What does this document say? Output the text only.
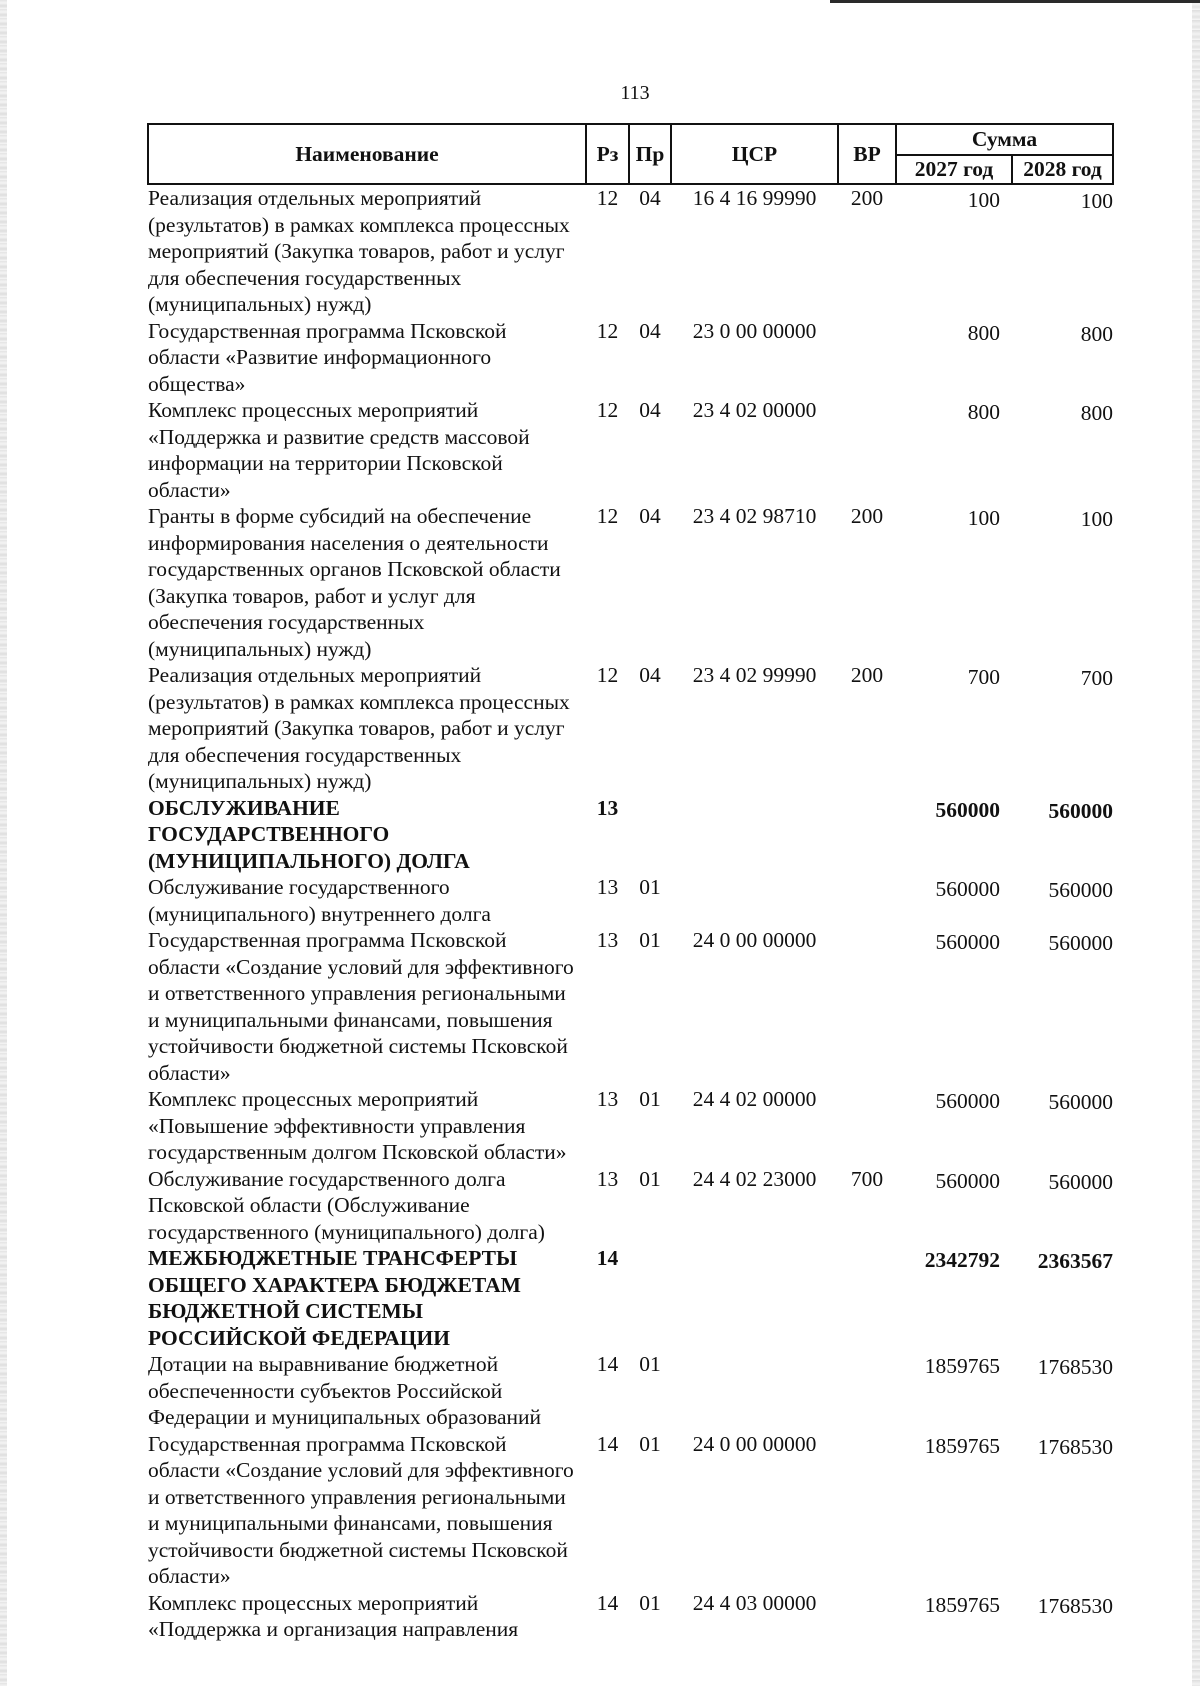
113
Наименование	Рз	Пр	ЦСР	ВР	Сумма	
					2027 год	2028 год
Реализация отдельных мероприятий (результатов) в рамках комплекса процессных мероприятий (Закупка товаров, работ и услуг для обеспечения государственных (муниципальных) нужд)	12	04	16 4 16 99990	200	100	100
Государственная программа Псковской области «Развитие информационного общества»	12	04	23 0 00 00000		800	800
Комплекс процессных мероприятий «Поддержка и развитие средств массовой информации на территории Псковской области»	12	04	23 4 02 00000		800	800
Гранты в форме субсидий на обеспечение информирования населения о деятельности государственных органов Псковской области (Закупка товаров, работ и услуг для обеспечения государственных (муниципальных) нужд)	12	04	23 4 02 98710	200	100	100
Реализация отдельных мероприятий (результатов) в рамках комплекса процессных мероприятий (Закупка товаров, работ и услуг для обеспечения государственных (муниципальных) нужд)	12	04	23 4 02 99990	200	700	700
ОБСЛУЖИВАНИЕ ГОСУДАРСТВЕННОГО (МУНИЦИПАЛЬНОГО) ДОЛГА	13				560000	560000
Обслуживание государственного (муниципального) внутреннего долга	13	01			560000	560000
Государственная программа Псковской области «Создание условий для эффективного и ответственного управления региональными и муниципальными финансами, повышения устойчивости бюджетной системы Псковской области»	13	01	24 0 00 00000		560000	560000
Комплекс процессных мероприятий «Повышение эффективности управления государственным долгом Псковской области»	13	01	24 4 02 00000		560000	560000
Обслуживание государственного долга Псковской области (Обслуживание государственного (муниципального) долга)	13	01	24 4 02 23000	700	560000	560000
МЕЖБЮДЖЕТНЫЕ ТРАНСФЕРТЫ ОБЩЕГО ХАРАКТЕРА БЮДЖЕТАМ БЮДЖЕТНОЙ СИСТЕМЫ РОССИЙСКОЙ ФЕДЕРАЦИИ	14				2342792	2363567
Дотации на выравнивание бюджетной обеспеченности субъектов Российской Федерации и муниципальных образований	14	01			1859765	1768530
Государственная программа Псковской области «Создание условий для эффективного и ответственного управления региональными и муниципальными финансами, повышения устойчивости бюджетной системы Псковской области»	14	01	24 0 00 00000		1859765	1768530
Комплекс процессных мероприятий «Поддержка и организация направления	14	01	24 4 03 00000		1859765	1768530
